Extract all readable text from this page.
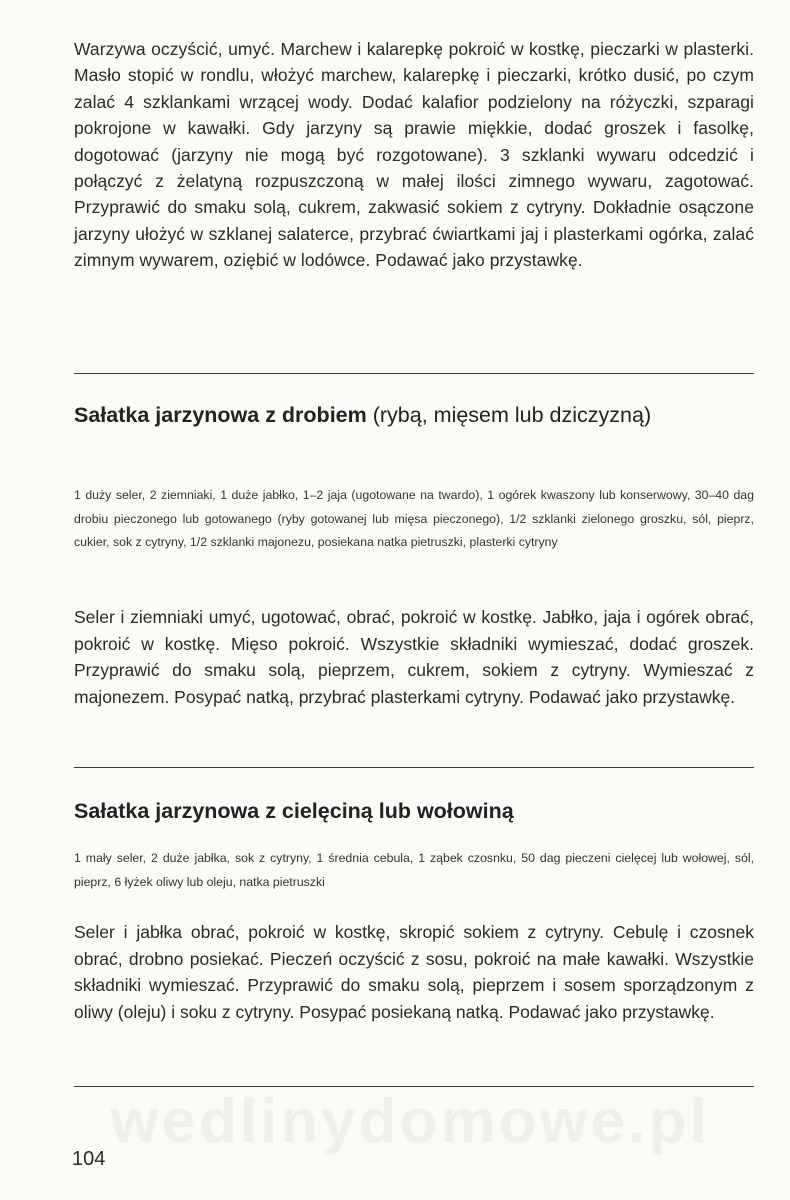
Warzywa oczyścić, umyć. Marchew i kalarepkę pokroić w kostkę, pieczarki w plasterki. Masło stopić w rondlu, włożyć marchew, kalarepkę i pieczarki, krótko dusić, po czym zalać 4 szklankami wrzącej wody. Dodać kalafior podzielony na różyczki, szparagi pokrojone w kawałki. Gdy jarzyny są prawie miękkie, dodać groszek i fasolkę, dogotować (jarzyny nie mogą być rozgotowane). 3 szklanki wywaru odcedzić i połączyć z żelatyną rozpuszczoną w małej ilości zimnego wywaru, zagotować. Przyprawić do smaku solą, cukrem, zakwasić sokiem z cytryny. Dokładnie osączone jarzyny ułożyć w szklanej salaterce, przybrać ćwiartkami jaj i plasterkami ogórka, zalać zimnym wywarem, oziębić w lodówce. Podawać jako przystawkę.

Sałatka jarzynowa z drobiem (rybą, mięsem lub dziczyzną)

1 duży seler, 2 ziemniaki, 1 duże jabłko, 1–2 jaja (ugotowane na twardo), 1 ogórek kwaszony lub konserwowy, 30–40 dag drobiu pieczonego lub gotowanego (ryby gotowanej lub mięsa pieczonego), 1/2 szklanki zielonego groszku, sól, pieprz, cukier, sok z cytryny, 1/2 szklanki majonezu, posiekana natka pietruszki, plasterki cytryny

Seler i ziemniaki umyć, ugotować, obrać, pokroić w kostkę. Jabłko, jaja i ogórek obrać, pokroić w kostkę. Mięso pokroić. Wszystkie składniki wymieszać, dodać groszek. Przyprawić do smaku solą, pieprzem, cukrem, sokiem z cytryny. Wymieszać z majonezem. Posypać natką, przybrać plasterkami cytryny. Podawać jako przystawkę.

Sałatka jarzynowa z cielęciną lub wołowiną

1 mały seler, 2 duże jabłka, sok z cytryny, 1 średnia cebula, 1 ząbek czosnku, 50 dag pieczeni cielęcej lub wołowej, sól, pieprz, 6 łyżek oliwy lub oleju, natka pietruszki

Seler i jabłka obrać, pokroić w kostkę, skropić sokiem z cytryny. Cebulę i czosnek obrać, drobno posiekać. Pieczeń oczyścić z sosu, pokroić na małe kawałki. Wszystkie składniki wymieszać. Przyprawić do smaku solą, pieprzem i sosem sporządzonym z oliwy (oleju) i soku z cytryny. Posypać posiekaną natką. Podawać jako przystawkę.

wedlinydomowe.pl
104
